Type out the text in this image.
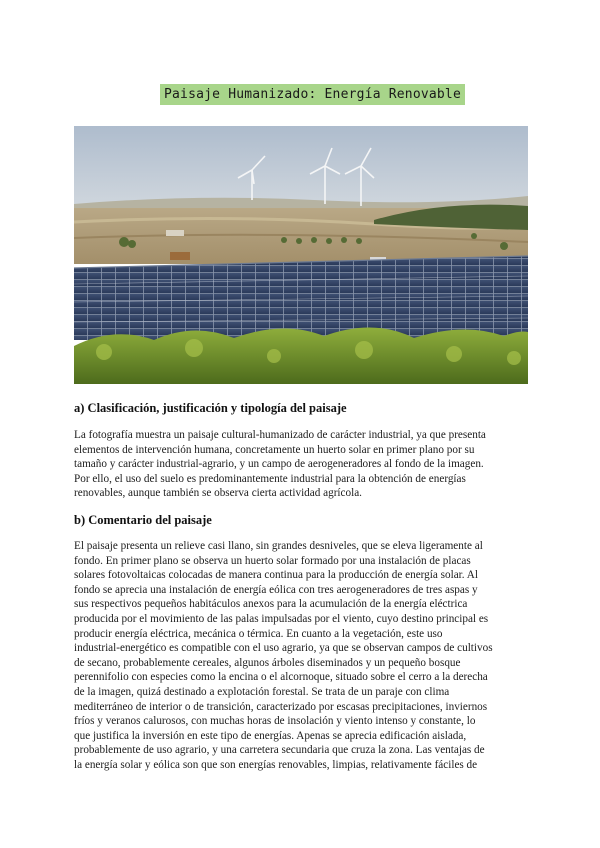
Paisaje Humanizado: Energía Renovable
a) Clasificación, justificación y tipología del paisaje
La fotografía muestra un paisaje cultural-humanizado de carácter industrial, ya que presenta
elementos de intervención humana, concretamente un huerto solar en primer plano por su
tamaño y carácter industrial-agrario, y un campo de aerogeneradores al fondo de la imagen.
Por ello, el uso del suelo es predominantemente industrial para la obtención de energías
renovables, aunque también se observa cierta actividad agrícola.
b) Comentario del paisaje
El paisaje presenta un relieve casi llano, sin grandes desniveles, que se eleva ligeramente al
fondo. En primer plano se observa un huerto solar formado por una instalación de placas
solares fotovoltaicas colocadas de manera continua para la producción de energía solar. Al
fondo se aprecia una instalación de energía eólica con tres aerogeneradores de tres aspas y
sus respectivos pequeños habitáculos anexos para la acumulación de la energía eléctrica
producida por el movimiento de las palas impulsadas por el viento, cuyo destino principal es
producir energía eléctrica, mecánica o térmica. En cuanto a la vegetación, este uso
industrial-energético es compatible con el uso agrario, ya que se observan campos de cultivos
de secano, probablemente cereales, algunos árboles diseminados y un pequeño bosque
perennifolio con especies como la encina o el alcornoque, situado sobre el cerro a la derecha
de la imagen, quizá destinado a explotación forestal. Se trata de un paraje con clima
mediterráneo de interior o de transición, caracterizado por escasas precipitaciones, inviernos
fríos y veranos calurosos, con muchas horas de insolación y viento intenso y constante, lo
que justifica la inversión en este tipo de energías. Apenas se aprecia edificación aislada,
probablemente de uso agrario, y una carretera secundaria que cruza la zona. Las ventajas de
la energía solar y eólica son que son energías renovables, limpias, relativamente fáciles de
